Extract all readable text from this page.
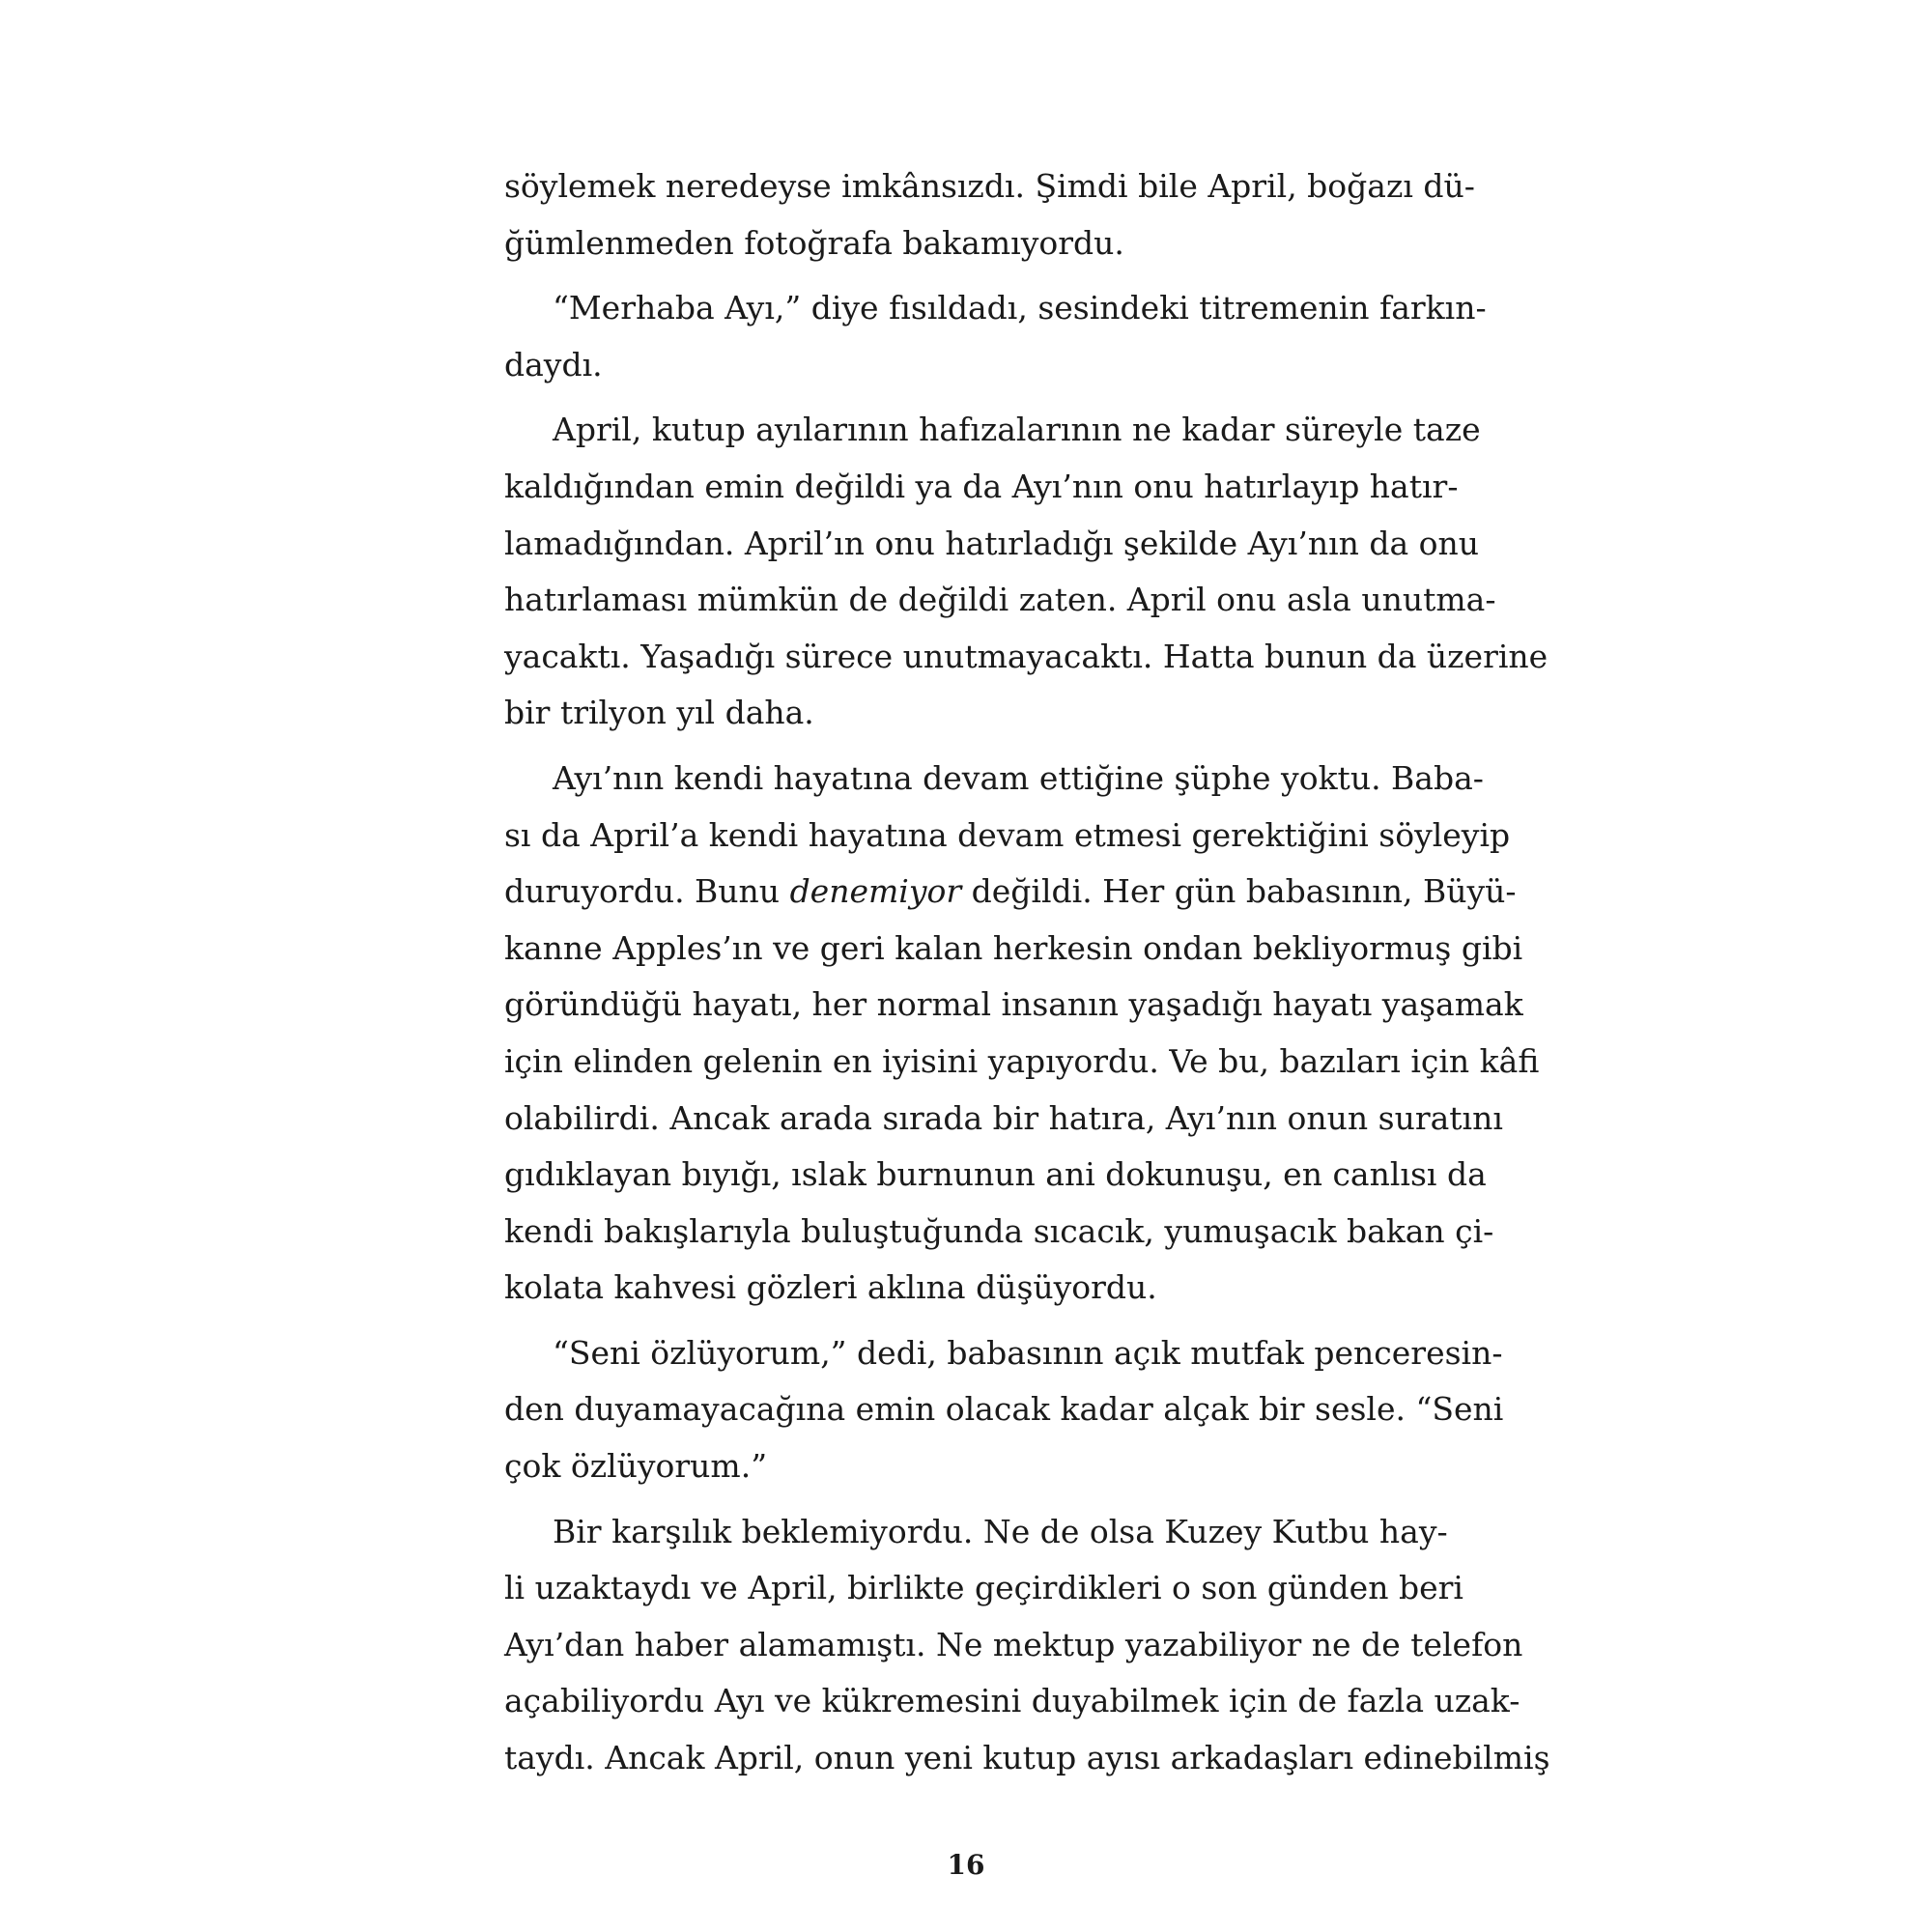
söylemek neredeyse imkânsızdı. Şimdi bile April, boğazı dü-
ğümlenmeden fotoğrafa bakamıyordu.

“Merhaba Ayı,” diye fısıldadı, sesindeki titremenin farkın-
daydı.

April, kutup ayılarının hafızalarının ne kadar süreyle taze
kaldığından emin değildi ya da Ayı’nın onu hatırlayıp hatır-
lamadığından. April’ın onu hatırladığı şekilde Ayı’nın da onu
hatırlaması mümkün de değildi zaten. April onu asla unutma-
yacaktı. Yaşadığı sürece unutmayacaktı. Hatta bunun da üzerine
bir trilyon yıl daha.

Ayı’nın kendi hayatına devam ettiğine şüphe yoktu. Baba-
sı da April’a kendi hayatına devam etmesi gerektiğini söyleyip
duruyordu. Bunu denemiyor değildi. Her gün babasının, Büyü-
kanne Apples’ın ve geri kalan herkesin ondan bekliyormuş gibi
göründüğü hayatı, her normal insanın yaşadığı hayatı yaşamak
için elinden gelenin en iyisini yapıyordu. Ve bu, bazıları için kâfi
olabilirdi. Ancak arada sırada bir hatıra, Ayı’nın onun suratını
gıdıklayan bıyığı, ıslak burnunun ani dokunuşu, en canlısı da
kendi bakışlarıyla buluştuğunda sıcacık, yumuşacık bakan çi-
kolata kahvesi gözleri aklına düşüyordu.

“Seni özlüyorum,” dedi, babasının açık mutfak penceresin-
den duyamayacağına emin olacak kadar alçak bir sesle. “Seni
çok özlüyorum.”

Bir karşılık beklemiyordu. Ne de olsa Kuzey Kutbu hay-
li uzaktaydı ve April, birlikte geçirdikleri o son günden beri
Ayı’dan haber alamamıştı. Ne mektup yazabiliyor ne de telefon
açabiliyordu Ayı ve kükremesini duyabilmek için de fazla uzak-
taydı. Ancak April, onun yeni kutup ayısı arkadaşları edinebilmiş

16
